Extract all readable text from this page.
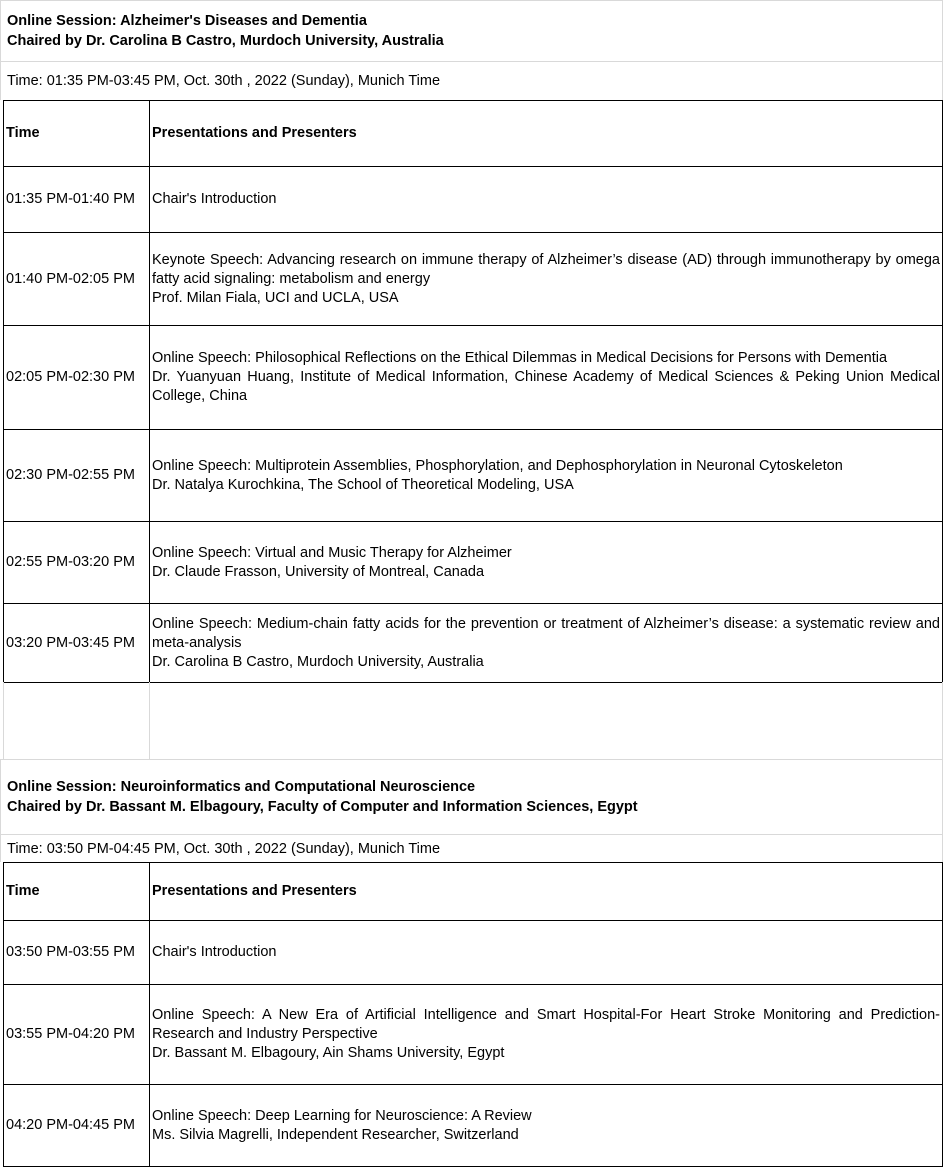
Online Session: Alzheimer's Diseases and Dementia
Chaired by Dr. Carolina B Castro, Murdoch University, Australia
Time: 01:35 PM-03:45 PM, Oct. 30th , 2022 (Sunday), Munich Time
Time	Presentations and Presenters
01:35 PM-01:40 PM	Chair's Introduction

01:40 PM-02:05 PM	Keynote Speech: Advancing research on immune therapy of Alzheimer’s disease (AD) through immunotherapy by omega fatty acid signaling: metabolism and energy
Prof. Milan Fiala, UCI and UCLA, USA

02:05 PM-02:30 PM	Online Speech: Philosophical Reflections on the Ethical Dilemmas in Medical Decisions for Persons with Dementia
Dr. Yuanyuan Huang, Institute of Medical Information, Chinese Academy of Medical Sciences & Peking Union Medical College, China

02:30 PM-02:55 PM	Online Speech: Multiprotein Assemblies, Phosphorylation, and Dephosphorylation in Neuronal Cytoskeleton
Dr. Natalya Kurochkina, The School of Theoretical Modeling, USA

02:55 PM-03:20 PM	Online Speech: Virtual and Music Therapy for Alzheimer
Dr. Claude Frasson, University of Montreal, Canada

03:20 PM-03:45 PM	Online Speech: Medium-chain fatty acids for the prevention or treatment of Alzheimer’s disease: a systematic review and meta-analysis
Dr. Carolina B Castro, Murdoch University, Australia
Online Session: Neuroinformatics and Computational Neuroscience
Chaired by Dr. Bassant M. Elbagoury, Faculty of Computer and Information Sciences, Egypt
Time: 03:50 PM-04:45 PM, Oct. 30th , 2022 (Sunday), Munich Time
Time	Presentations and Presenters
03:50 PM-03:55 PM	Chair's Introduction

03:55 PM-04:20 PM	Online Speech: A New Era of Artificial Intelligence and Smart Hospital-For Heart Stroke Monitoring and Prediction-Research and Industry Perspective
Dr. Bassant M. Elbagoury, Ain Shams University, Egypt

04:20 PM-04:45 PM	Online Speech: Deep Learning for Neuroscience: A Review
Ms. Silvia Magrelli, Independent Researcher, Switzerland
